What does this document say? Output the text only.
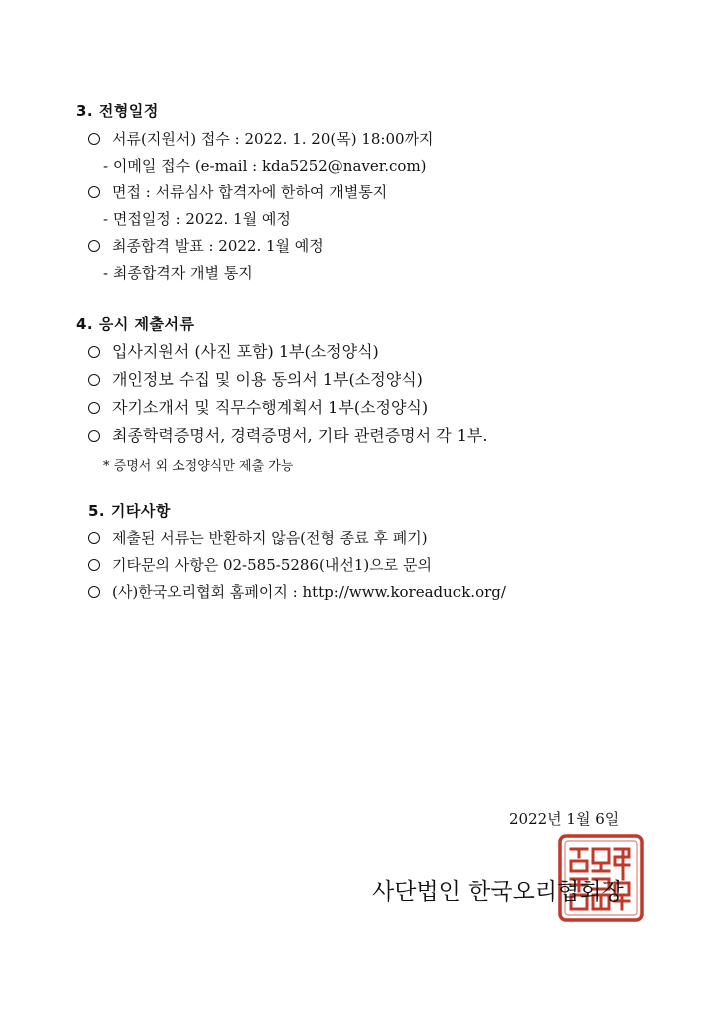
3. 전형일정
서류(지원서) 접수 : 2022. 1. 20(목) 18:00까지
- 이메일 접수 (e-mail : kda5252@naver.com)
면접 : 서류심사 합격자에 한하여 개별통지
- 면접일정 : 2022. 1월 예정
최종합격 발표 : 2022. 1월 예정
- 최종합격자 개별 통지
4. 응시 제출서류
입사지원서 (사진 포함) 1부(소정양식)
개인정보 수집 및 이용 동의서 1부(소정양식)
자기소개서 및 직무수행계획서 1부(소정양식)
최종학력증명서, 경력증명서, 기타 관련증명서 각 1부.
* 증명서 외 소정양식만 제출 가능
5. 기타사항
제출된 서류는 반환하지 않음(전형 종료 후 폐기)
기타문의 사항은 02-585-5286(내선1)으로 문의
(사)한국오리협회 홈페이지 : http://www.koreaduck.org/
2022년 1월 6일
사단법인 한국오리협회장
